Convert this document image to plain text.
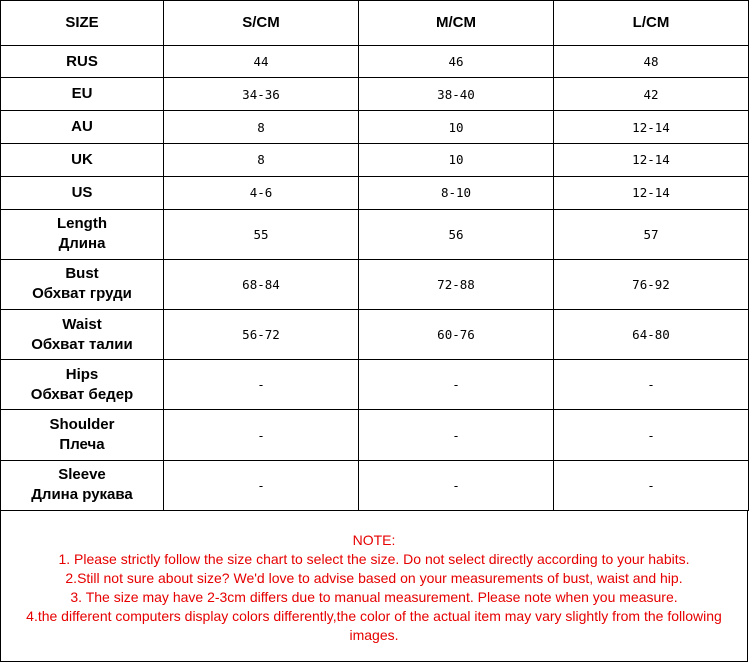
SIZE	S/CM	M/CM	L/CM

RUS	44	46	48

EU	34-36	38-40	42

AU	8	10	12-14

UK	8	10	12-14

US	4-6	8-10	12-14

Length
Длина	55	56	57

Bust
Обхват груди	68-84	72-88	76-92

Waist
Обхват талии	56-72	60-76	64-80

Hips
Обхват бедер	-	-	-

Shoulder
Плеча	-	-	-

Sleeve
Длина рукава	-	-	-
NOTE:
1. Please strictly follow the size chart to select the size. Do not select directly according to your habits.
2.Still not sure about size? We'd love to advise based on your measurements of bust, waist and hip.
3. The size may have 2-3cm differs due to manual measurement. Please note when you measure.
4.the different computers display colors differently,the color of the actual item may vary slightly from the following images.
